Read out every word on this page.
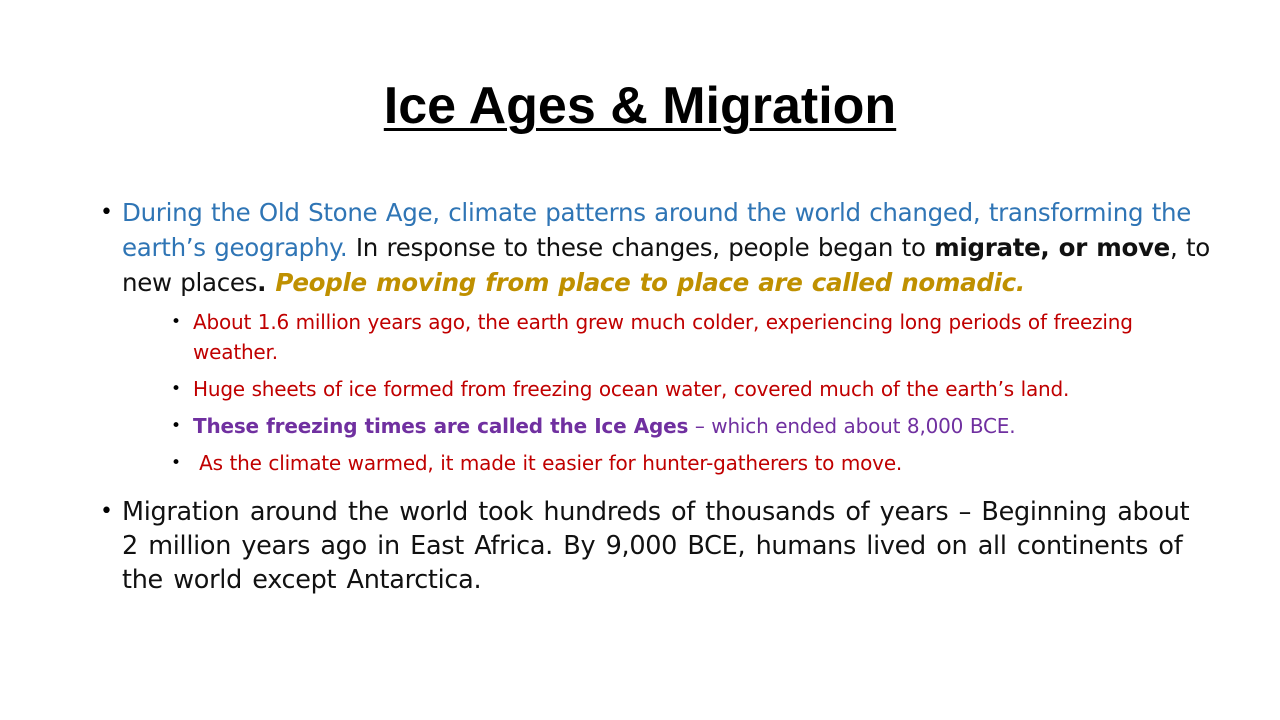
Ice Ages & Migration

• During the Old Stone Age, climate patterns around the world changed, transforming the earth’s geography. In response to these changes, people began to migrate, or move, to new places. People moving from place to place are called nomadic.

• About 1.6 million years ago, the earth grew much colder, experiencing long periods of freezing weather.

• Huge sheets of ice formed from freezing ocean water, covered much of the earth’s land.

• These freezing times are called the Ice Ages – which ended about 8,000 BCE.

• As the climate warmed, it made it easier for hunter-gatherers to move.

• Migration around the world took hundreds of thousands of years – Beginning about 2 million years ago in East Africa. By 9,000 BCE, humans lived on all continents of the world except Antarctica.
